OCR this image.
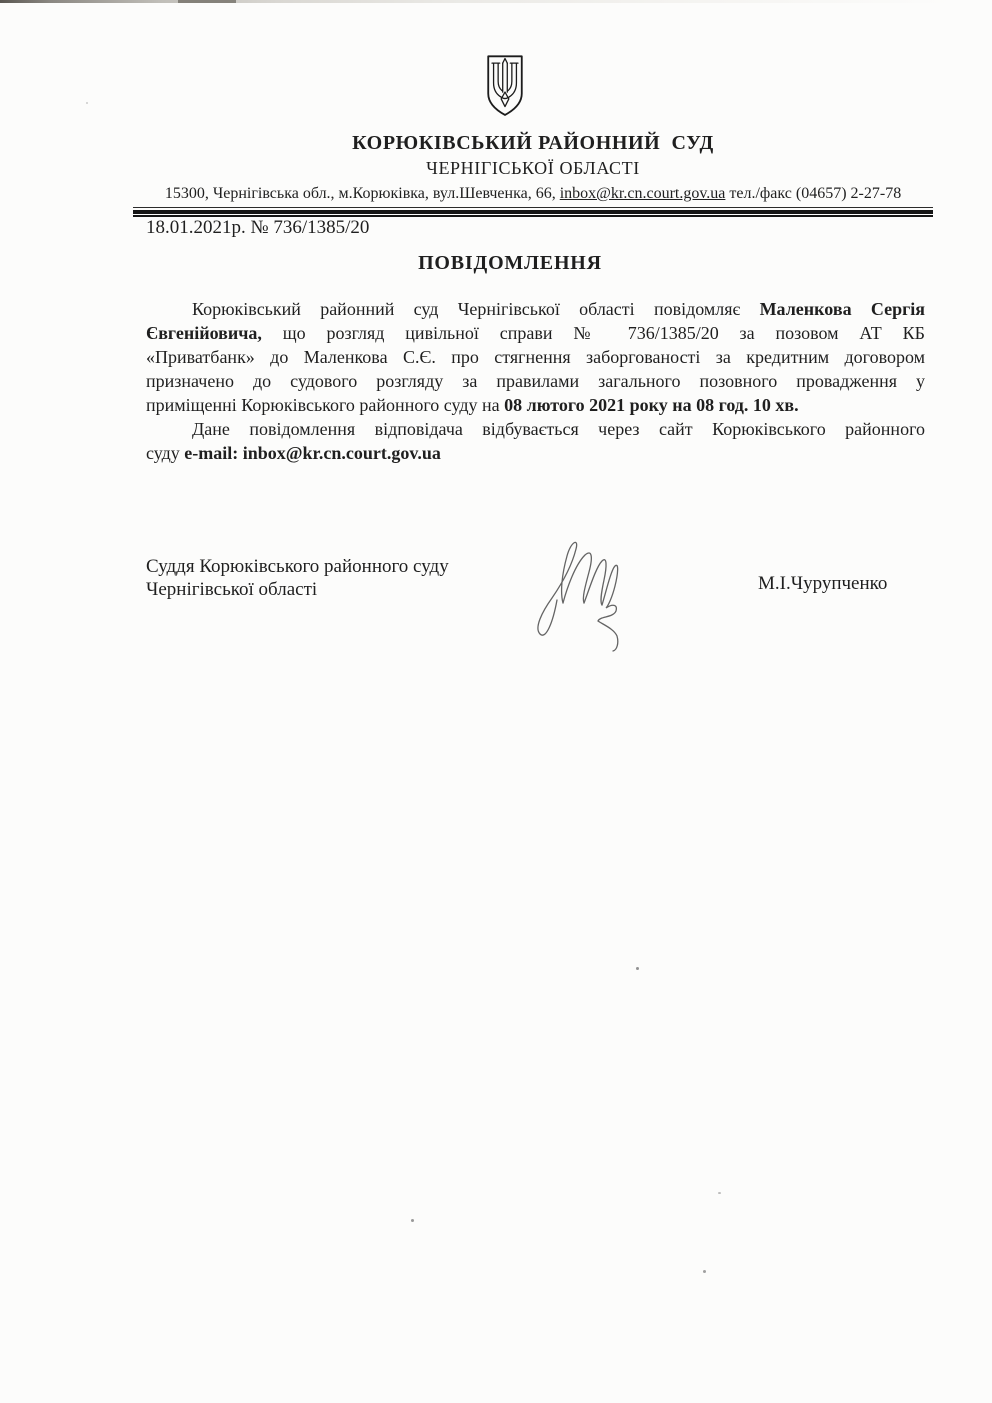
КОРЮКІВСЬКИЙ РАЙОННИЙ  СУД
ЧЕРНІГІСЬКОЇ ОБЛАСТІ
15300, Чернігівська обл., м.Корюківка, вул.Шевченка, 66, inbox@kr.cn.court.gov.ua тел./факс (04657) 2-27-78
18.01.2021р. № 736/1385/20
ПОВІДОМЛЕННЯ
Корюківський районний суд Чернігівської області повідомляє Маленкова Сергія
Євгенійовича, що розгляд цивільної справи № 736/1385/20 за позовом АТ КБ
«Приватбанк» до Маленкова С.Є. про стягнення заборгованості за кредитним договором
призначено до судового розгляду за правилами загального позовного провадження у
приміщенні Корюківського районного суду на 08 лютого 2021 року на 08 год. 10 хв.
Дане повідомлення відповідача відбувається через сайт Корюківського районного
суду e-mail: inbox@kr.cn.court.gov.ua
Суддя Корюківського районного суду
Чернігівської області	М.І.Чурупченко
